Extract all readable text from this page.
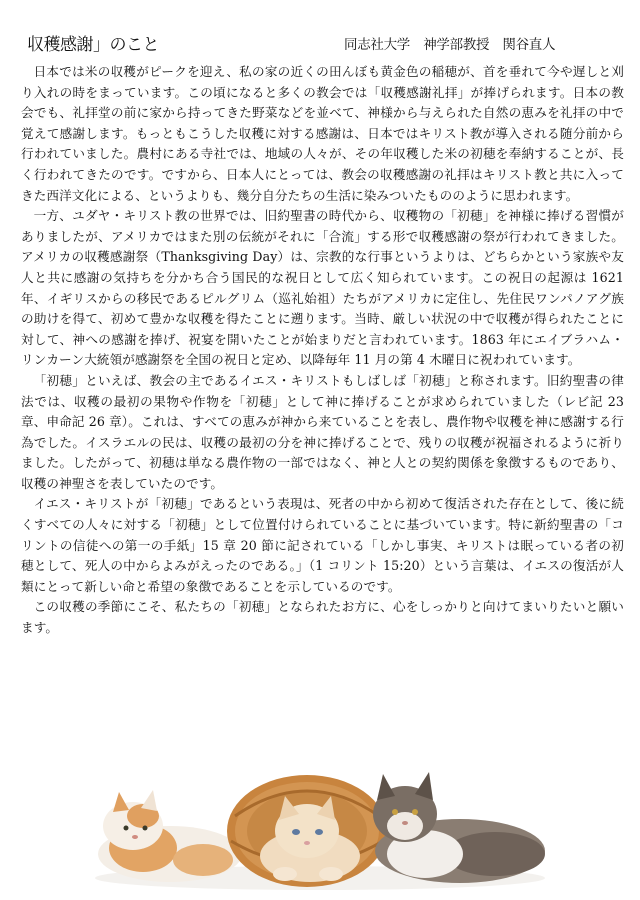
収穫感謝」のこと	同志社大学　神学部教授　関谷直人

日本では米の収穫がピークを迎え、私の家の近くの田んぼも黄金色の稲穂が、首を垂れて今や遅しと刈り入れの時をまっています。この頃になると多くの教会では「収穫感謝礼拝」が捧げられます。日本の教会でも、礼拝堂の前に家から持ってきた野菜などを並べて、神様から与えられた自然の恵みを礼拝の中で覚えて感謝します。もっともこうした収穫に対する感謝は、日本ではキリスト教が導入される随分前から行われていました。農村にある寺社では、地域の人々が、その年収穫した米の初穂を奉納することが、長く行われてきたのです。ですから、日本人にとっては、教会の収穫感謝の礼拝はキリスト教と共に入ってきた西洋文化による、というよりも、幾分自分たちの生活に染みついたもののように思われます。

一方、ユダヤ・キリスト教の世界では、旧約聖書の時代から、収穫物の「初穂」を神様に捧げる習慣がありましたが、アメリカではまた別の伝統がそれに「合流」する形で収穫感謝の祭が行われてきました。アメリカの収穫感謝祭（Thanksgiving Day）は、宗教的な行事というよりは、どちらかという家族や友人と共に感謝の気持ちを分かち合う国民的な祝日として広く知られています。この祝日の起源は 1621 年、イギリスからの移民であるピルグリム（巡礼始祖）たちがアメリカに定住し、先住民ワンパノアグ族の助けを得て、初めて豊かな収穫を得たことに遡ります。当時、厳しい状況の中で収穫が得られたことに対して、神への感謝を捧げ、祝宴を開いたことが始まりだと言われています。1863 年にエイブラハム・リンカーン大統領が感謝祭を全国の祝日と定め、以降毎年 11 月の第 4 木曜日に祝われています。

「初穂」といえば、教会の主であるイエス・キリストもしばしば「初穂」と称されます。旧約聖書の律法では、収穫の最初の果物や作物を「初穂」として神に捧げることが求められていました（レビ記 23 章、申命記 26 章）。これは、すべての恵みが神から来ていることを表し、農作物や収穫を神に感謝する行為でした。イスラエルの民は、収穫の最初の分を神に捧げることで、残りの収穫が祝福されるように祈りました。したがって、初穂は単なる農作物の一部ではなく、神と人との契約関係を象徴するものであり、収穫の神聖さを表していたのです。

イエス・キリストが「初穂」であるという表現は、死者の中から初めて復活された存在として、後に続くすべての人々に対する「初穂」として位置付けられていることに基づいています。特に新約聖書の「コリントの信徒への第一の手紙」15 章 20 節に記されている「しかし事実、キリストは眠っている者の初穂として、死人の中からよみがえったのである。」（1 コリント 15:20）という言葉は、イエスの復活が人類にとって新しい命と希望の象徴であることを示しているのです。

この収穫の季節にこそ、私たちの「初穂」となられたお方に、心をしっかりと向けてまいりたいと願います。
